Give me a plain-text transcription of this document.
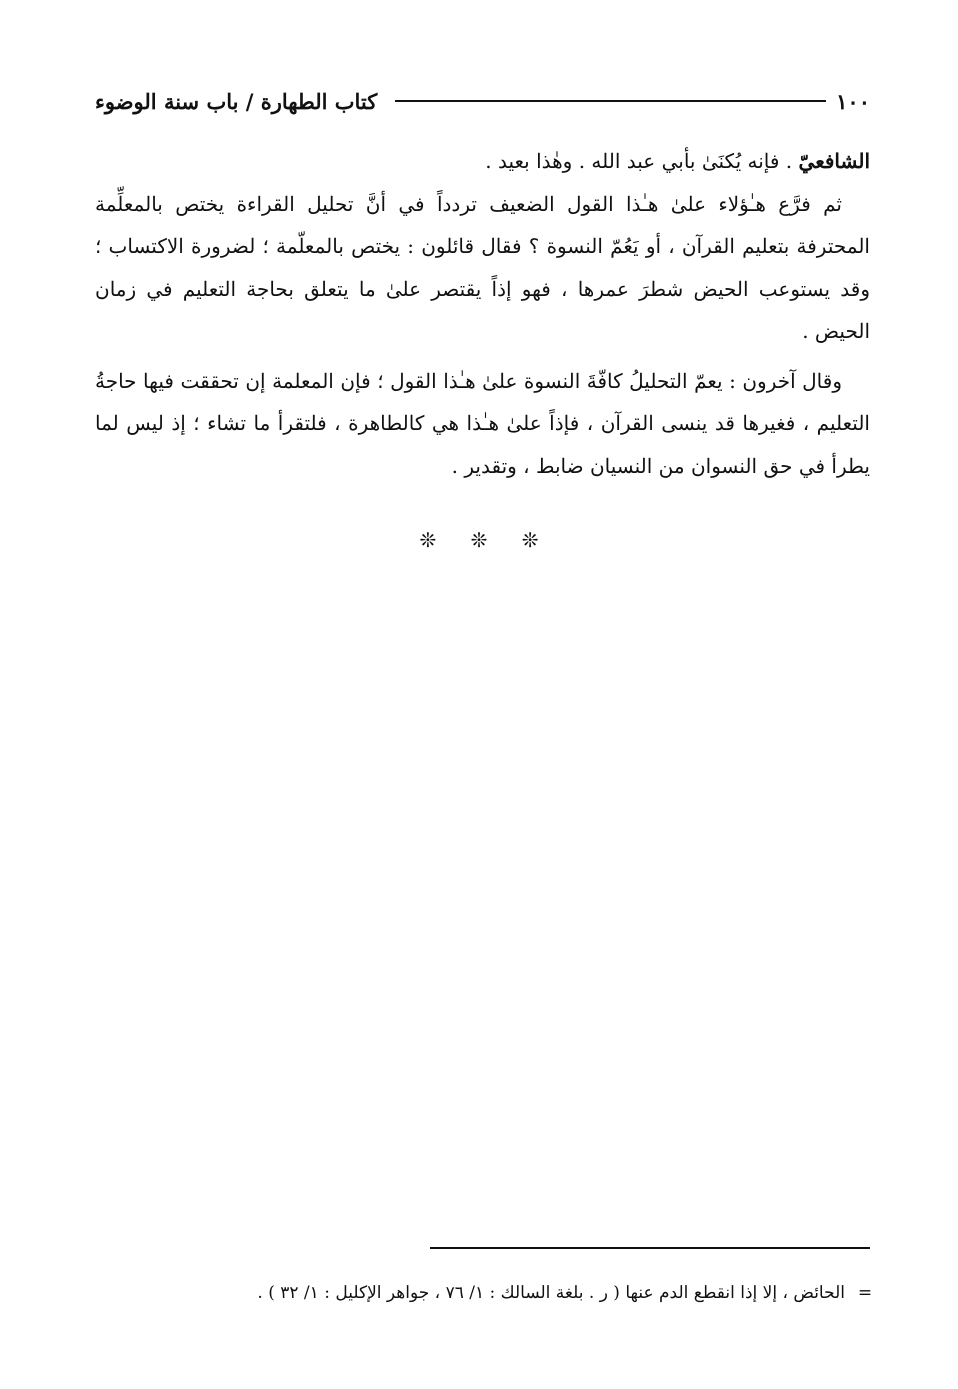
١٠٠
كتاب الطهارة / باب سنة الوضوء

الشافعيّ . فإنه يُكنَىٰ بأبي عبد الله . وهٰذا بعيد .

ثم فرَّع هـٰؤلاء علىٰ هـٰذا القول الضعيف تردداً في أنَّ تحليل القراءة يختص بالمعلِّمة المحترفة بتعليم القرآن ، أو يَعُمّ النسوة ؟ فقال قائلون : يختص بالمعلّمة ؛ لضرورة الاكتساب ؛ وقد يستوعب الحيض شطرَ عمرها ، فهو إذاً يقتصر علىٰ ما يتعلق بحاجة التعليم في زمان الحيض .

وقال آخرون : يعمّ التحليلُ كافّةَ النسوة علىٰ هـٰذا القول ؛ فإن المعلمة إن تحققت فيها حاجةُ التعليم ، فغيرها قد ينسى القرآن ، فإذاً علىٰ هـٰذا هي كالطاهرة ، فلتقرأ ما تشاء ؛ إذ ليس لما يطرأ في حق النسوان من النسيان ضابط ، وتقدير .

❊ ❊ ❊
=
الحائض ، إلا إذا انقطع الدم عنها ( ر . بلغة السالك : ١/ ٧٦ ، جواهر الإكليل : ١/ ٣٢ ) .
